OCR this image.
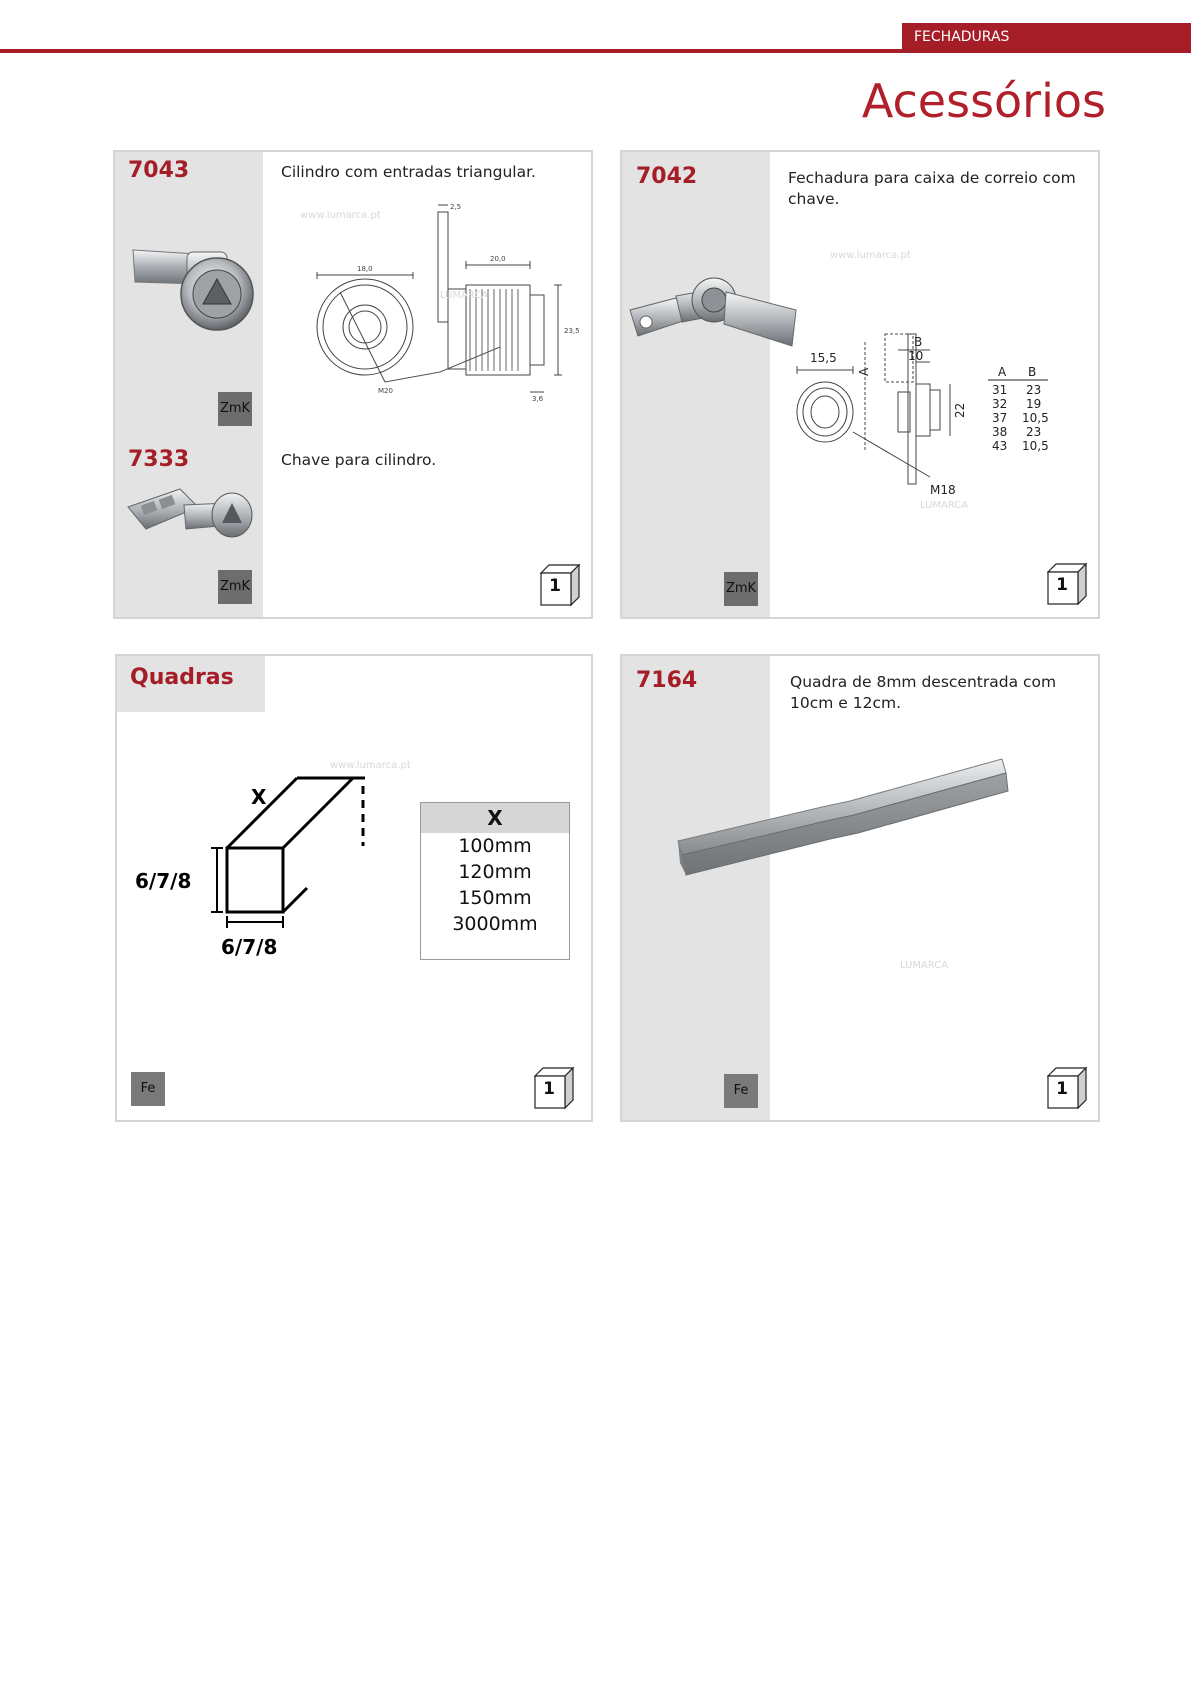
FECHADURAS
Acessórios
7043	Cilindro com entradas triangular.
2,5
18,0
20,0
23,5
3,6
M20
ZmK
7333	Chave para cilindro.
ZmK	1
7042	Fechadura para caixa de correio com chave.
15,5
A
B
10
22
M18
A B
31 23
32 19
37 10,5
38 23
43 10,5
ZmK	1
Quadras
X
6/7/8
6/7/8
X
100mm
120mm
150mm
3000mm
Fe	1
7164	Quadra de 8mm descentrada com 10cm e 12cm.
Fe	1
www.lumarca.pt
LUMARCA
www.lumarca.pt
LUMARCA
www.lumarca.pt
LUMARCA
